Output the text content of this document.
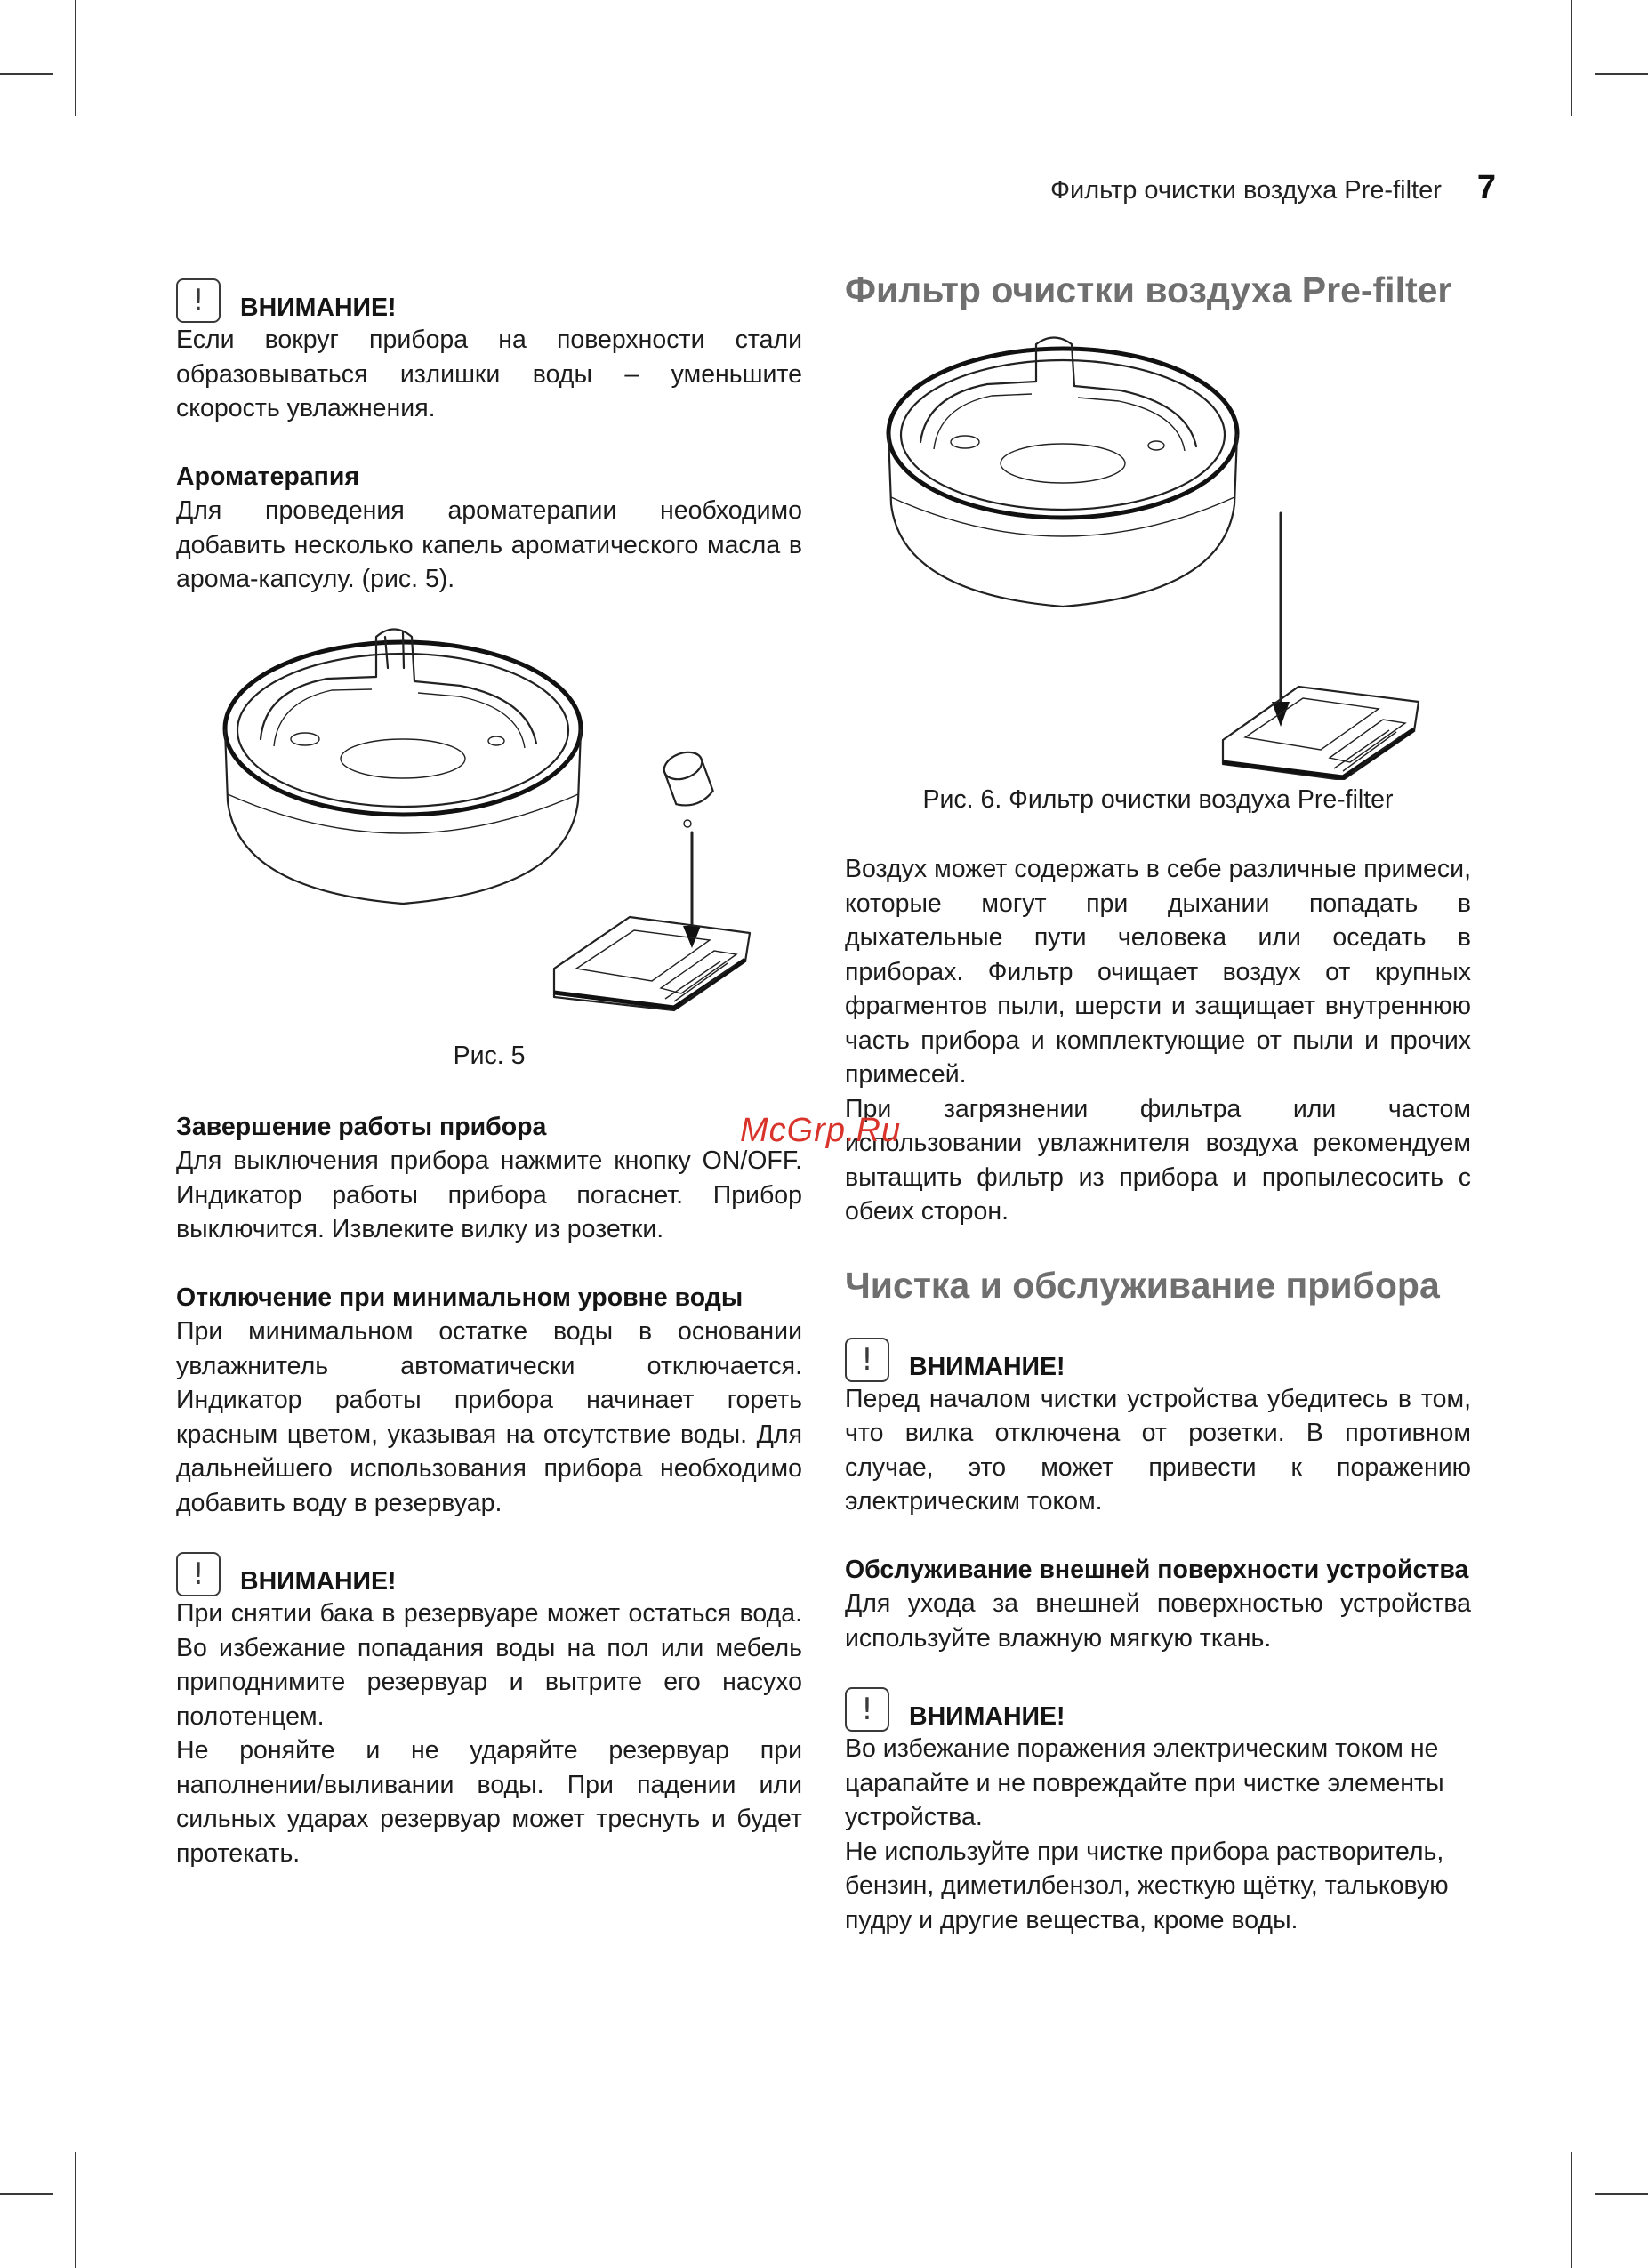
Фильтр очистки воздуха Pre-filter 7
!	ВНИМАНИЕ!

Если вокруг прибора на поверхности стали образовываться излишки воды – уменьшите скорость увлажнения.

Ароматерапия

Для проведения ароматерапии необходимо добавить несколько капель ароматического масла в арома-капсулу. (рис. 5).

Рис. 5

Завершение работы прибора

Для выключения прибора нажмите кнопку ON/OFF. Индикатор работы прибора погаснет. Прибор выключится. Извлеките вилку из розетки.

Отключение при минимальном уровне воды

При минимальном остатке воды в основании увлажнитель автоматически отключается. Индикатор работы прибора начинает гореть красным цветом, указывая на отсутствие воды. Для дальнейшего использования прибора необходимо добавить воду в резервуар.

!	ВНИМАНИЕ!

При снятии бака в резервуаре может остаться вода. Во избежание попадания воды на пол или мебель приподнимите резервуар и вытрите его насухо полотенцем.

Не роняйте и не ударяйте резервуар при наполнении/выливании воды. При падении или сильных ударах резервуар может треснуть и будет протекать.

Фильтр очистки воздуха Pre-filter

Рис. 6. Фильтр очистки воздуха Pre-filter

Воздух может содержать в себе различные примеси, которые могут при дыхании попадать в дыхательные пути человека или оседать в приборах. Фильтр очищает воздух от крупных фрагментов пыли, шерсти и защищает внутреннюю часть прибора и комплектующие от пыли и прочих примесей.

При загрязнении фильтра или частом использовании увлажнителя воздуха рекомендуем вытащить фильтр из прибора и пропылесосить с обеих сторон.

Чистка и обслуживание прибора

!	ВНИМАНИЕ!

Перед началом чистки устройства убедитесь в том, что вилка отключена от розетки. В противном случае, это может привести к поражению электрическим током.

Обслуживание внешней поверхности устройства

Для ухода за внешней поверхностью устройства используйте влажную мягкую ткань.

!	ВНИМАНИЕ!

Во избежание поражения электрическим током не царапайте и не повреждайте при чистке элементы устройства.

Не используйте при чистке прибора растворитель, бензин, диметилбензол, жесткую щётку, тальковую пудру и другие вещества, кроме воды.

McGrp.Ru
